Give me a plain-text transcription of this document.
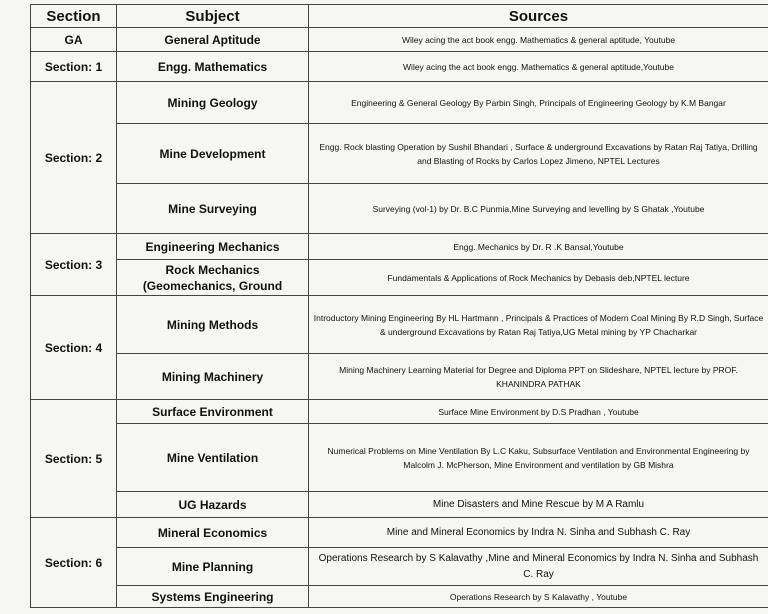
Section	Subject	Sources
GA	General Aptitude	Wiley acing the act book engg. Mathematics & general aptitude, Youtube
Section: 1	Engg. Mathematics	Wiley acing the act book engg. Mathematics & general aptitude,Youtube
Section: 2	Mining Geology	Engineering & General Geology By Parbin Singh, Principals of Engineering Geology by K.M Bangar
	Mine Development	Engg. Rock blasting Operation by Sushil Bhandari , Surface & underground Excavations by Ratan Raj Tatiya, Drilling and Blasting of Rocks by Carlos Lopez Jimeno, NPTEL Lectures
	Mine Surveying	Surveying (vol-1) by Dr. B.C Punmia,Mine Surveying and levelling by S Ghatak ,Youtube
Section: 3	Engineering Mechanics	Engg. Mechanics by Dr. R .K Bansal,Youtube
	Rock Mechanics (Geomechanics, Ground	Fundamentals & Applications of Rock Mechanics by Debasis deb,NPTEL lecture
Section: 4	Mining Methods	Introductory Mining Engineering By HL Hartmann , Principals & Practices of Modern Coal Mining By R.D Singh, Surface & underground Excavations by Ratan Raj Tatiya,UG Metal mining by YP Chacharkar
	Mining Machinery	Mining Machinery Learning Material for Degree and Diploma PPT on Slideshare, NPTEL lecture by PROF. KHANINDRA PATHAK
Section: 5	Surface Environment	Surface Mine Environment by D.S Pradhan , Youtube
	Mine Ventilation	Numerical Problems on Mine Ventilation By L.C Kaku, Subsurface Ventilation and Environmental Engineering by Malcolm J. McPherson, Mine Environment and ventilation by GB Mishra
	UG Hazards	Mine Disasters and Mine Rescue by M A Ramlu
Section: 6	Mineral Economics	Mine and Mineral Economics by Indra N. Sinha and Subhash C. Ray
	Mine Planning	Operations Research by S Kalavathy ,Mine and Mineral Economics by Indra N. Sinha and Subhash C. Ray
	Systems Engineering	Operations Research by S Kalavathy , Youtube
